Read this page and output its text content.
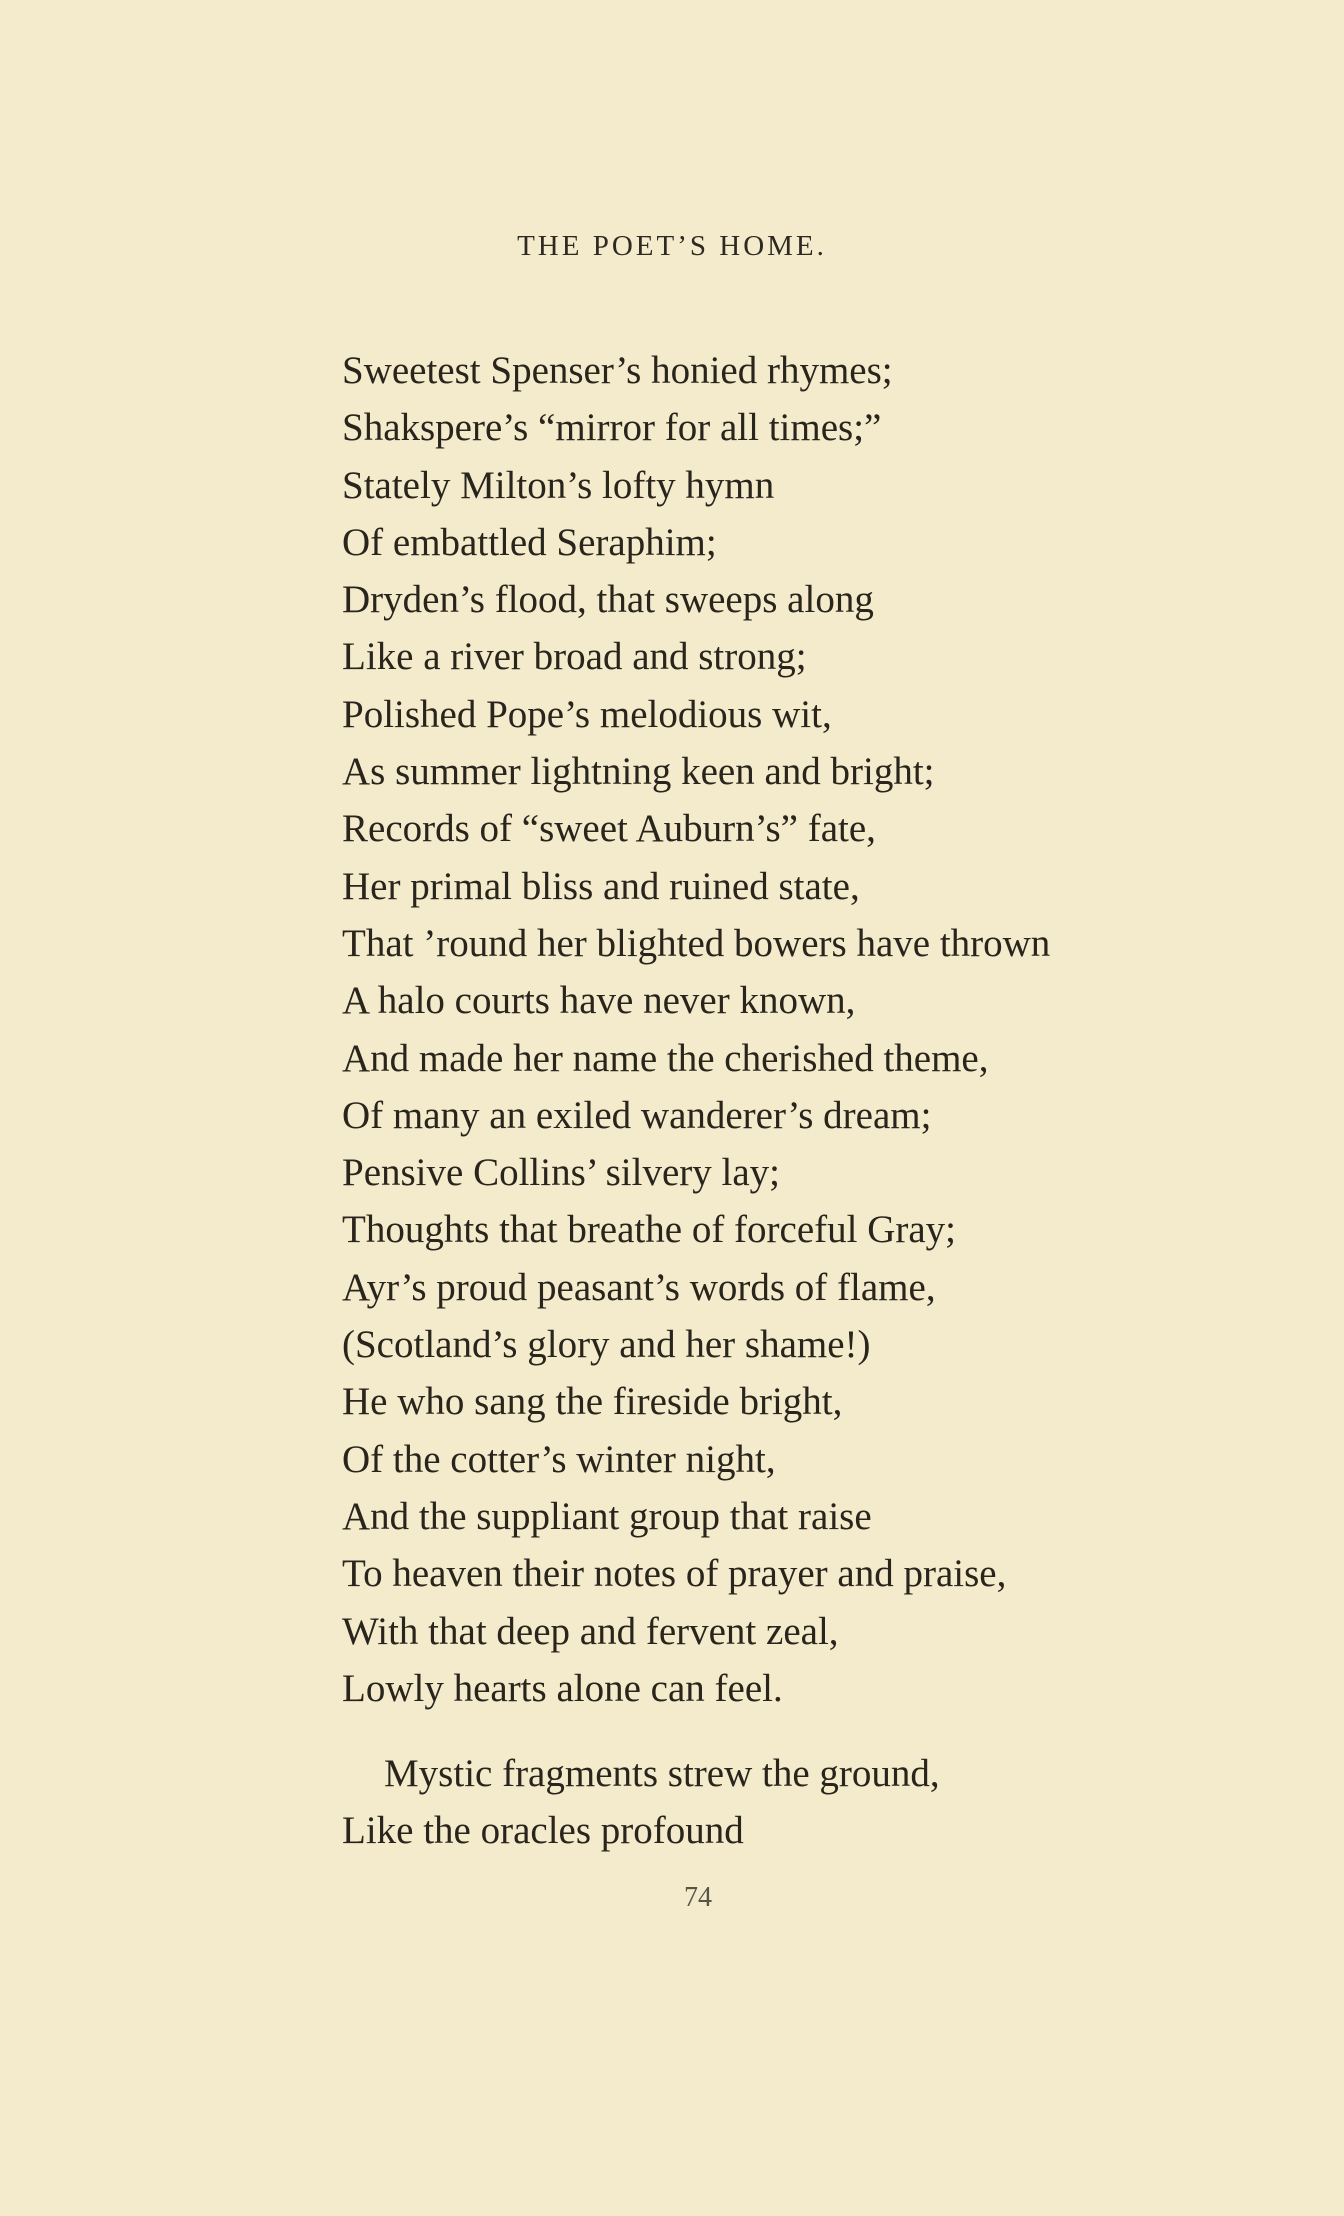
THE POET’S HOME.
Sweetest Spenser’s honied rhymes;
Shakspere’s “mirror for all times;”
Stately Milton’s lofty hymn
Of embattled Seraphim;
Dryden’s flood, that sweeps along
Like a river broad and strong;
Polished Pope’s melodious wit,
As summer lightning keen and bright;
Records of “sweet Auburn’s” fate,
Her primal bliss and ruined state,
That ’round her blighted bowers have thrown
A halo courts have never known,
And made her name the cherished theme,
Of many an exiled wanderer’s dream;
Pensive Collins’ silvery lay;
Thoughts that breathe of forceful Gray;
Ayr’s proud peasant’s words of flame,
(Scotland’s glory and her shame!)
He who sang the fireside bright,
Of the cotter’s winter night,
And the suppliant group that raise
To heaven their notes of prayer and praise,
With that deep and fervent zeal,
Lowly hearts alone can feel.
Mystic fragments strew the ground,
Like the oracles profound
74
